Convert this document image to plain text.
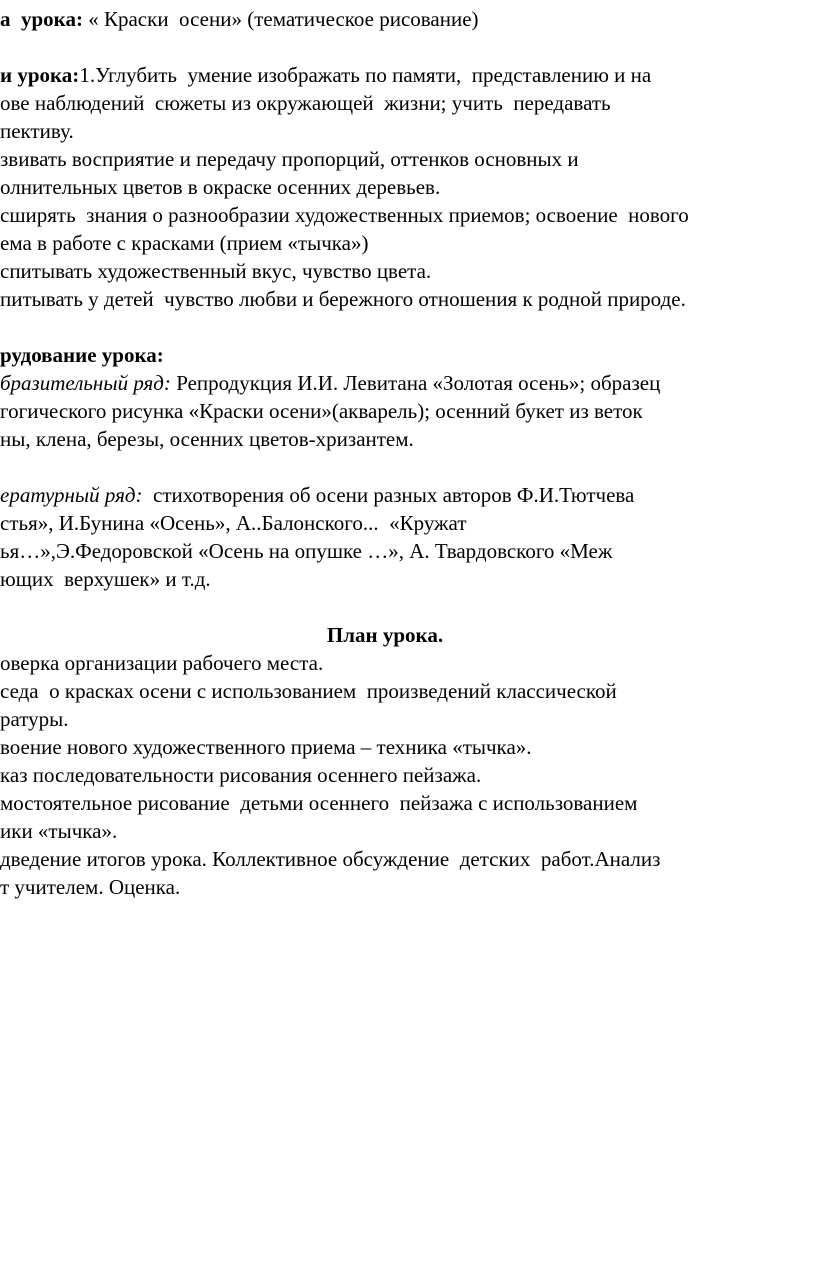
а  урока: « Краски  осени» (тематическое рисование)
и урока:1.Углубить  умение изображать по памяти,  представлению и на
ове наблюдений  сюжеты из окружающей  жизни; учить  передавать
пективу.
звивать восприятие и передачу пропорций, оттенков основных и
олнительных цветов в окраске осенних деревьев.
сширять  знания о разнообразии художественных приемов; освоение  нового
ема в работе с красками (прием «тычка»)
спитывать художественный вкус, чувство цвета.
питывать у детей  чувство любви и бережного отношения к родной природе.
рудование урока:
бразительный ряд: Репродукция И.И. Левитана «Золотая осень»; образец
гогического рисунка «Краски осени»(акварель); осенний букет из веток
ны, клена, березы, осенних цветов-хризантем.
ературный ряд:  стихотворения об осени разных авторов Ф.И.Тютчева
стья», И.Бунина «Осень», А..Балонского...  «Кружат
ья…»,Э.Федоровской «Осень на опушке …», А. Твардовского «Меж
ющих  верхушек» и т.д.
План урока.
оверка организации рабочего места.
седа  о красках осени с использованием  произведений классической
ратуры.
воение нового художественного приема – техника «тычка».
каз последовательности рисования осеннего пейзажа.
мостоятельное рисование  детьми осеннего  пейзажа с использованием
ики «тычка».
дведение итогов урока. Коллективное обсуждение  детских  работ.Анализ
т учителем. Оценка.
